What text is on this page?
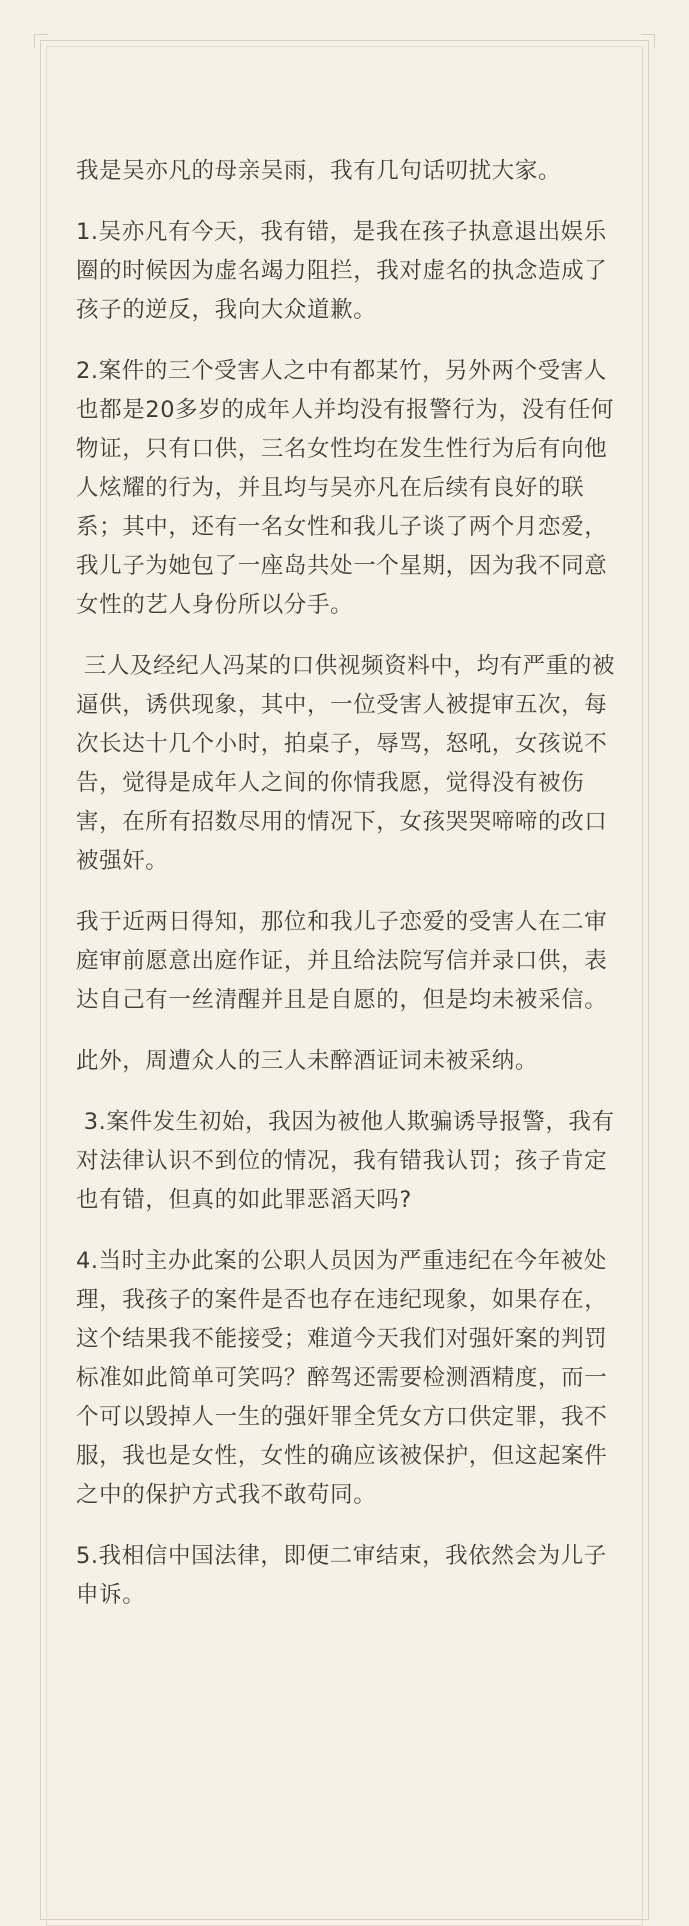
我是吴亦凡的母亲吴雨，我有几句话叨扰大家。

1.吴亦凡有今天，我有错，是我在孩子执意退出娱乐圈的时候因为虚名竭力阻拦，我对虚名的执念造成了孩子的逆反，我向大众道歉。

2.案件的三个受害人之中有都某竹，另外两个受害人也都是20多岁的成年人并均没有报警行为，没有任何物证，只有口供，三名女性均在发生性行为后有向他人炫耀的行为，并且均与吴亦凡在后续有良好的联系；其中，还有一名女性和我儿子谈了两个月恋爱，我儿子为她包了一座岛共处一个星期，因为我不同意女性的艺人身份所以分手。

三人及经纪人冯某的口供视频资料中，均有严重的被逼供，诱供现象，其中，一位受害人被提审五次，每次长达十几个小时，拍桌子，辱骂，怒吼，女孩说不告，觉得是成年人之间的你情我愿，觉得没有被伤害，在所有招数尽用的情况下，女孩哭哭啼啼的改口被强奸。

我于近两日得知，那位和我儿子恋爱的受害人在二审庭审前愿意出庭作证，并且给法院写信并录口供，表达自己有一丝清醒并且是自愿的，但是均未被采信。

此外，周遭众人的三人未醉酒证词未被采纳。

3.案件发生初始，我因为被他人欺骗诱导报警，我有对法律认识不到位的情况，我有错我认罚；孩子肯定也有错，但真的如此罪恶滔天吗?

4.当时主办此案的公职人员因为严重违纪在今年被处理，我孩子的案件是否也存在违纪现象，如果存在，这个结果我不能接受；难道今天我们对强奸案的判罚标准如此简单可笑吗？醉驾还需要检测酒精度，而一个可以毁掉人一生的强奸罪全凭女方口供定罪，我不服，我也是女性，女性的确应该被保护，但这起案件之中的保护方式我不敢苟同。

5.我相信中国法律，即便二审结束，我依然会为儿子申诉。
